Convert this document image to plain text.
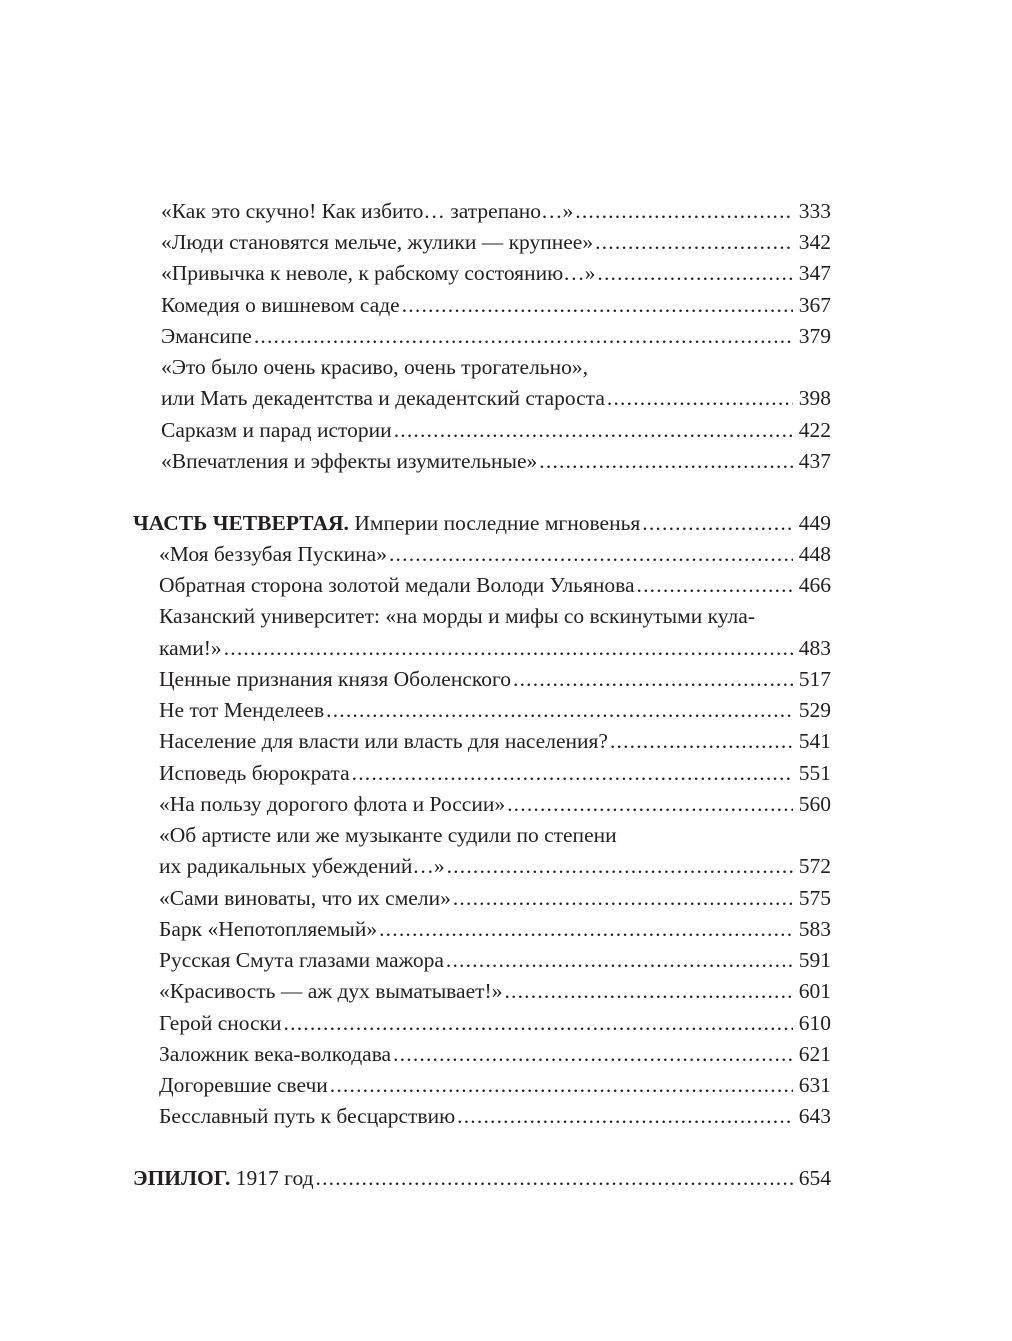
«Как это скучно! Как избито… затрепано…» .....	333
«Люди становятся мельче, жулики — крупнее» .....	342
«Привычка к неволе, к рабскому состоянию…» .....	347
Комедия о вишневом саде .....	367
Эмансипе .....	379
«Это было очень красиво, очень трогательно»,
или Мать декадентства и декадентский староста .....	398
Сарказм и парад истории .....	422
«Впечатления и эффекты изумительные» .....	437
ЧАСТЬ ЧЕТВЕРТАЯ. Империи последние мгновенья .....	449
«Моя беззубая Пускина» .....	448
Обратная сторона золотой медали Володи Ульянова .....	466
Казанский университет: «на морды и мифы со вскинутыми кула-
ками!» .....	483
Ценные признания князя Оболенского .....	517
Не тот Менделеев .....	529
Население для власти или власть для населения? .....	541
Исповедь бюрократа .....	551
«На пользу дорогого флота и России» .....	560
«Об артисте или же музыканте судили по степени
их радикальных убеждений…» .....	572
«Сами виноваты, что их смели» .....	575
Барк «Непотопляемый» .....	583
Русская Смута глазами мажора .....	591
«Красивость — аж дух выматывает!» .....	601
Герой сноски .....	610
Заложник века-волкодава .....	621
Догоревшие свечи .....	631
Бесславный путь к бесцарствию .....	643
ЭПИЛОГ. 1917 год .....	654
